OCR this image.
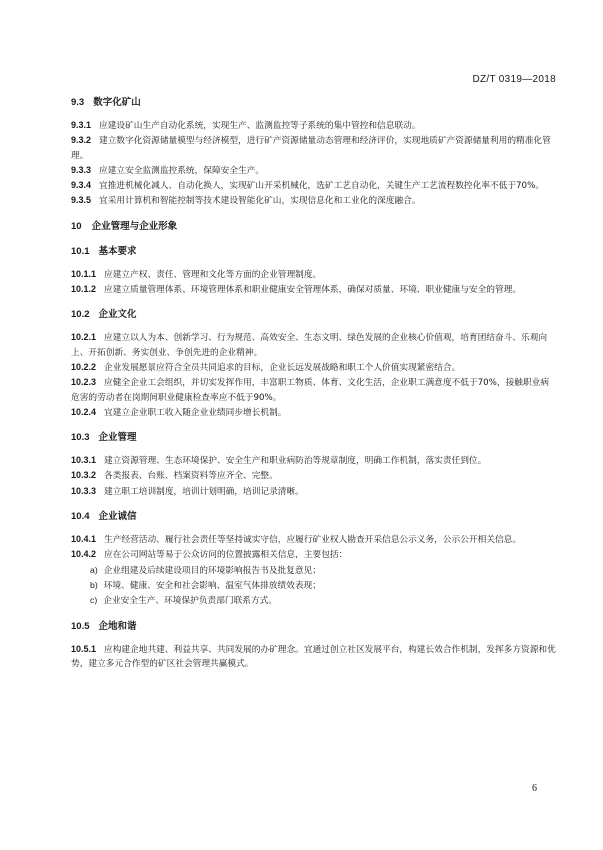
DZ/T 0319—2018

9.3 数字化矿山

9.3.1 应建设矿山生产自动化系统，实现生产、监测监控等子系统的集中管控和信息联动。

9.3.2 建立数字化资源储量模型与经济模型，进行矿产资源储量动态管理和经济评价，实现地质矿产资源储量利用的精准化管理。

9.3.3 应建立安全监测监控系统，保障安全生产。

9.3.4 宜推进机械化减人、自动化换人，实现矿山开采机械化，选矿工艺自动化，关键生产工艺流程数控化率不低于70%。

9.3.5 宜采用计算机和智能控制等技术建设智能化矿山，实现信息化和工业化的深度融合。

10 企业管理与企业形象

10.1 基本要求

10.1.1 应建立产权、责任、管理和文化等方面的企业管理制度。

10.1.2 应建立质量管理体系、环境管理体系和职业健康安全管理体系，确保对质量、环境、职业健康与安全的管理。

10.2 企业文化

10.2.1 应建立以人为本、创新学习、行为规范、高效安全、生态文明、绿色发展的企业核心价值观，培育团结奋斗、乐观向上、开拓创新、务实创业、争创先进的企业精神。

10.2.2 企业发展愿景应符合全员共同追求的目标，企业长远发展战略和职工个人价值实现紧密结合。

10.2.3 应健全企业工会组织，并切实发挥作用，丰富职工物质、体育、文化生活，企业职工满意度不低于70%，接触职业病危害的劳动者在岗期间职业健康检查率应不低于90%。

10.2.4 宜建立企业职工收入随企业业绩同步增长机制。

10.3 企业管理

10.3.1 建立资源管理、生态环境保护、安全生产和职业病防治等规章制度，明确工作机制，落实责任到位。

10.3.2 各类报表、台账、档案资料等应齐全、完整。

10.3.3 建立职工培训制度，培训计划明确，培训记录清晰。

10.4 企业诚信

10.4.1 生产经营活动、履行社会责任等坚持诚实守信，应履行矿业权人勘查开采信息公示义务，公示公开相关信息。

10.4.2 应在公司网站等易于公众访问的位置披露相关信息，主要包括：

a) 企业组建及后续建设项目的环境影响报告书及批复意见；

b) 环境、健康、安全和社会影响、温室气体排放绩效表现；

c) 企业安全生产、环境保护负责部门联系方式。

10.5 企地和谐

10.5.1 应构建企地共建、利益共享、共同发展的办矿理念。宜通过创立社区发展平台，构建长效合作机制，发挥多方资源和优势，建立多元合作型的矿区社会管理共赢模式。

6
